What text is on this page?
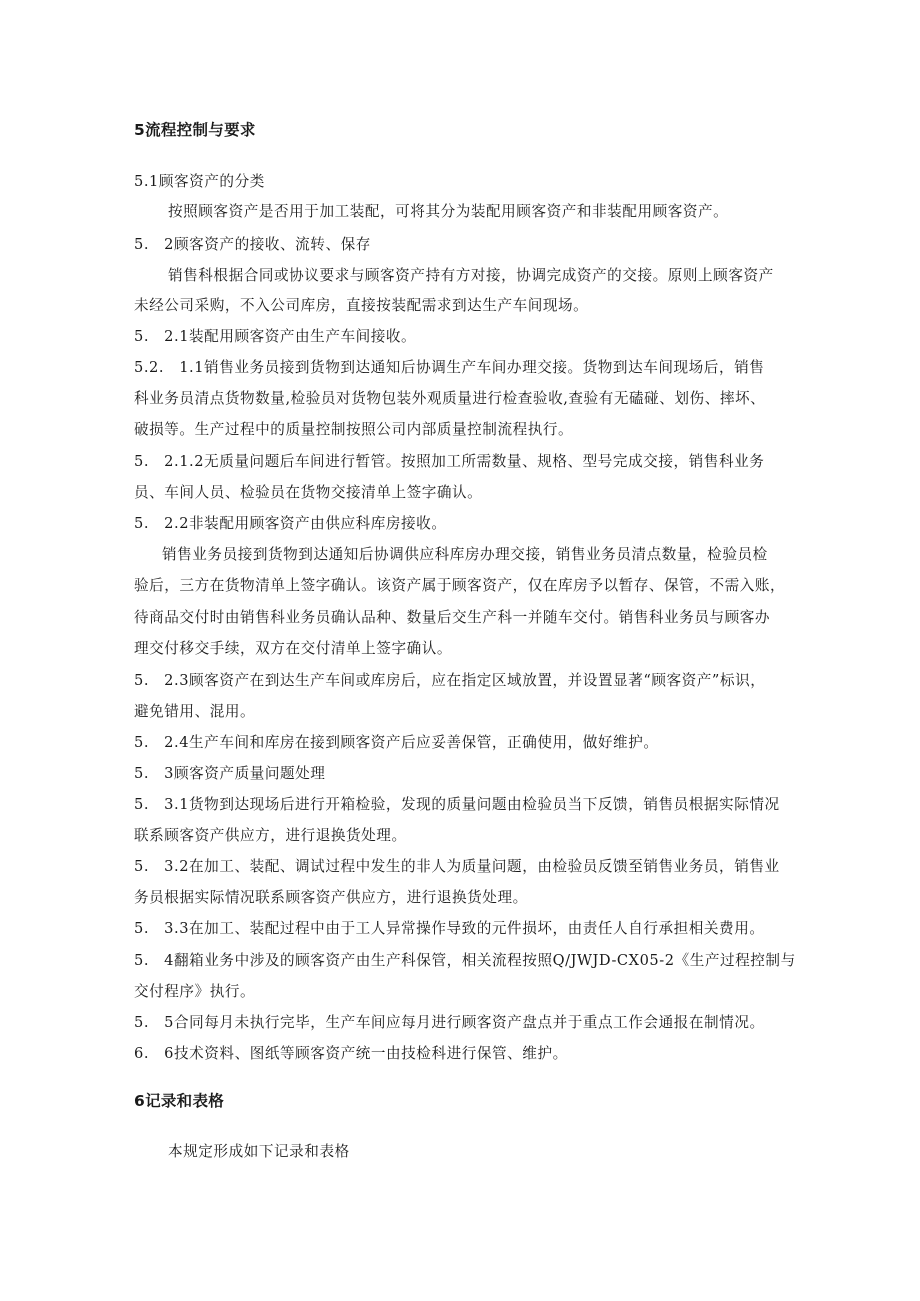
5流程控制与要求
5.1顾客资产的分类
按照顾客资产是否用于加工装配，可将其分为装配用顾客资产和非装配用顾客资产。
5.　2顾客资产的接收、流转、保存
销售科根据合同或协议要求与顾客资产持有方对接，协调完成资产的交接。原则上顾客资产
未经公司采购，不入公司库房，直接按装配需求到达生产车间现场。
5.　2.1装配用顾客资产由生产车间接收。
5.2.　1.1销售业务员接到货物到达通知后协调生产车间办理交接。货物到达车间现场后，销售
科业务员清点货物数量,检验员对货物包装外观质量进行检查验收,查验有无磕碰、划伤、摔坏、
破损等。生产过程中的质量控制按照公司内部质量控制流程执行。
5.　2.1.2无质量问题后车间进行暂管。按照加工所需数量、规格、型号完成交接，销售科业务
员、车间人员、检验员在货物交接清单上签字确认。
5.　2.2非装配用顾客资产由供应科库房接收。
销售业务员接到货物到达通知后协调供应科库房办理交接，销售业务员清点数量，检验员检
验后，三方在货物清单上签字确认。该资产属于顾客资产，仅在库房予以暂存、保管，不需入账，
待商品交付时由销售科业务员确认品种、数量后交生产科一并随车交付。销售科业务员与顾客办
理交付移交手续，双方在交付清单上签字确认。
5.　2.3顾客资产在到达生产车间或库房后，应在指定区域放置，并设置显著“顾客资产”标识，
避免错用、混用。
5.　2.4生产车间和库房在接到顾客资产后应妥善保管，正确使用，做好维护。
5.　3顾客资产质量问题处理
5.　3.1货物到达现场后进行开箱检验，发现的质量问题由检验员当下反馈，销售员根据实际情况
联系顾客资产供应方，进行退换货处理。
5.　3.2在加工、装配、调试过程中发生的非人为质量问题，由检验员反馈至销售业务员，销售业
务员根据实际情况联系顾客资产供应方，进行退换货处理。
5.　3.3在加工、装配过程中由于工人异常操作导致的元件损坏，由责任人自行承担相关费用。
5.　4翻箱业务中涉及的顾客资产由生产科保管，相关流程按照Q/JWJD-CX05-2《生产过程控制与
交付程序》执行。
5.　5合同每月未执行完毕，生产车间应每月进行顾客资产盘点并于重点工作会通报在制情况。
6.　6技术资料、图纸等顾客资产统一由技检科进行保管、维护。
6记录和表格
本规定形成如下记录和表格
